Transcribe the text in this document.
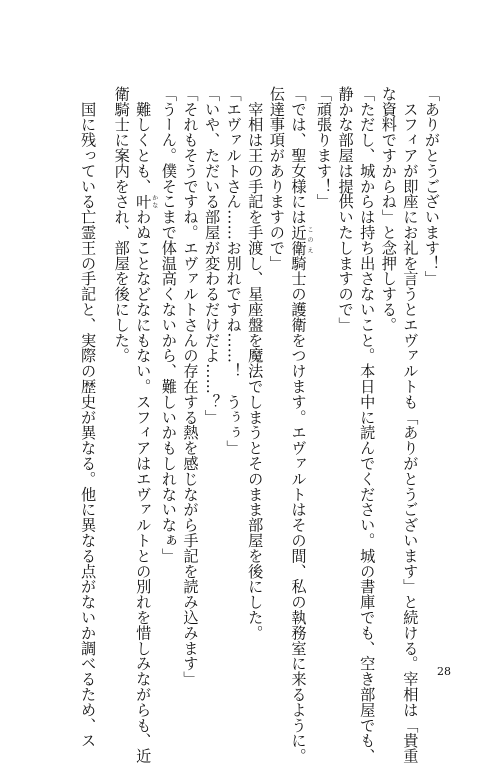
「ありがとうございます！」
　スフィアが即座にお礼を言うとエヴァルトも「ありがとうございます」と続ける。宰相は「貴重
な資料ですからね」と念押しする。
「ただし、城からは持ち出さないこと。本日中に読んでください。城の書庫でも、空き部屋でも、
静かな部屋は提供いたしますので」
「頑張ります！」
「では、聖女様には近衛このえ騎士の護衛をつけます。エヴァルトはその間、私の執務室に来るように。
伝達事項がありますので」
　宰相は王の手記を手渡し、星座盤を魔法でしまうとそのまま部屋を後にした。
「エヴァルトさん……お別れですね……！　うぅぅ」
「いや、ただいる部屋が変わるだけだよ……？」
「それもそうですね。エヴァルトさんの存在する熱を感じながら手記を読み込みます」
「うーん。僕そこまで体温高くないから、難しいかもしれないなぁ」
　難しくとも、叶かなわぬことなどなにもない。スフィアはエヴァルトとの別れを惜しみながらも、近
衛騎士に案内をされ、部屋を後にした。
　国に残っている亡霊王の手記と、実際の歴史が異なる。他に異なる点がないか調べるため、ス	28
